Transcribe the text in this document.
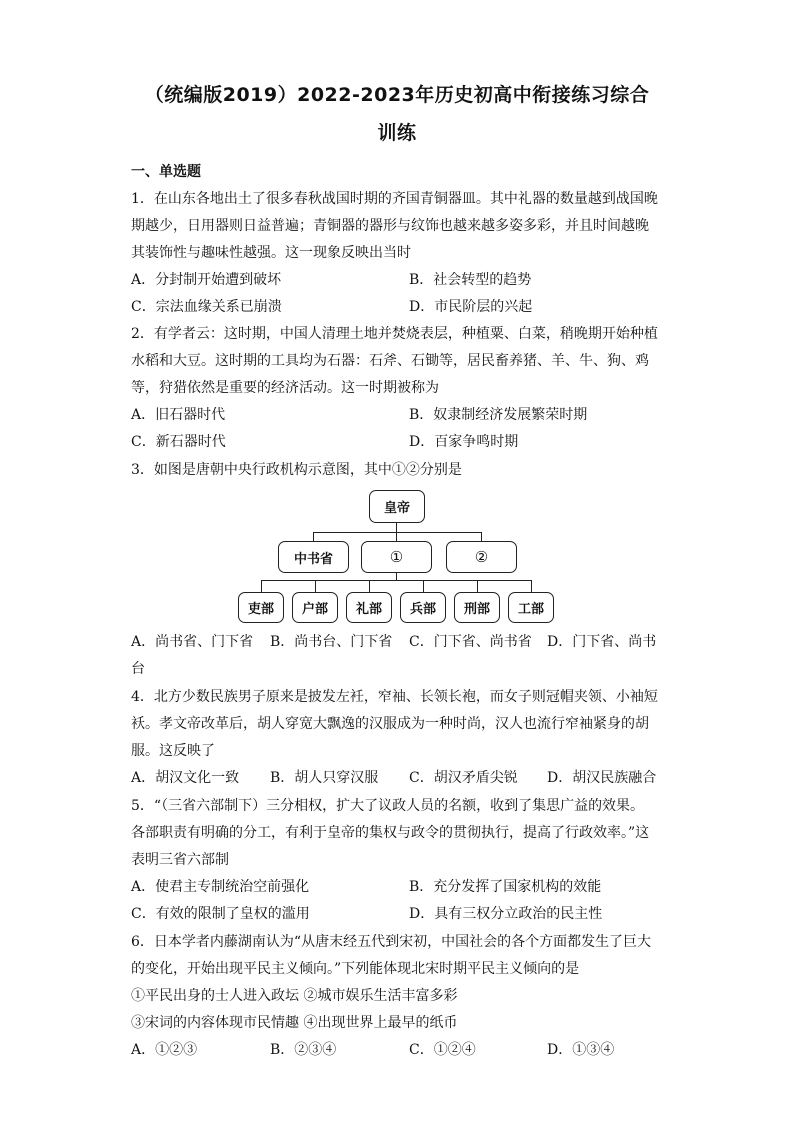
（统编版2019）2022-2023年历史初高中衔接练习综合
训练
一、单选题
1．在山东各地出土了很多春秋战国时期的齐国青铜器皿。其中礼器的数量越到战国晚
期越少，日用器则日益普遍；青铜器的器形与纹饰也越来越多姿多彩，并且时间越晚
其装饰性与趣味性越强。这一现象反映出当时
A．分封制开始遭到破坏	B．社会转型的趋势
C．宗法血缘关系已崩溃	D．市民阶层的兴起
2．有学者云：这时期，中国人清理土地并焚烧表层，种植粟、白菜，稍晚期开始种植
水稻和大豆。这时期的工具均为石器：石斧、石锄等，居民畜养猪、羊、牛、狗、鸡
等，狩猎依然是重要的经济活动。这一时期被称为
A．旧石器时代	B．奴隶制经济发展繁荣时期
C．新石器时代	D．百家争鸣时期
3．如图是唐朝中央行政机构示意图，其中①②分别是
皇帝
中书省	①	②
吏部	户部	礼部	兵部	刑部	工部
A．尚书省、门下省 B．尚书台、门下省 C．门下省、尚书省 D．门下省、尚书
台
4．北方少数民族男子原来是披发左衽，窄袖、长领长袍，而女子则冠帽夹领、小袖短
袄。孝文帝改革后，胡人穿宽大飘逸的汉服成为一种时尚，汉人也流行窄袖紧身的胡
服。这反映了
A．胡汉文化一致 B．胡人只穿汉服 C．胡汉矛盾尖锐 D．胡汉民族融合
5．“（三省六部制下）三分相权，扩大了议政人员的名额，收到了集思广益的效果。
各部职责有明确的分工，有利于皇帝的集权与政令的贯彻执行，提高了行政效率。”这
表明三省六部制
A．使君主专制统治空前强化	B．充分发挥了国家机构的效能
C．有效的限制了皇权的滥用	D．具有三权分立政治的民主性
6．日本学者内藤湖南认为“从唐末经五代到宋初，中国社会的各个方面都发生了巨大
的变化，开始出现平民主义倾向。”下列能体现北宋时期平民主义倾向的是
①平民出身的士人进入政坛 ②城市娱乐生活丰富多彩
③宋词的内容体现市民情趣 ④出现世界上最早的纸币
A．①②③	B．②③④	C．①②④	D．①③④
